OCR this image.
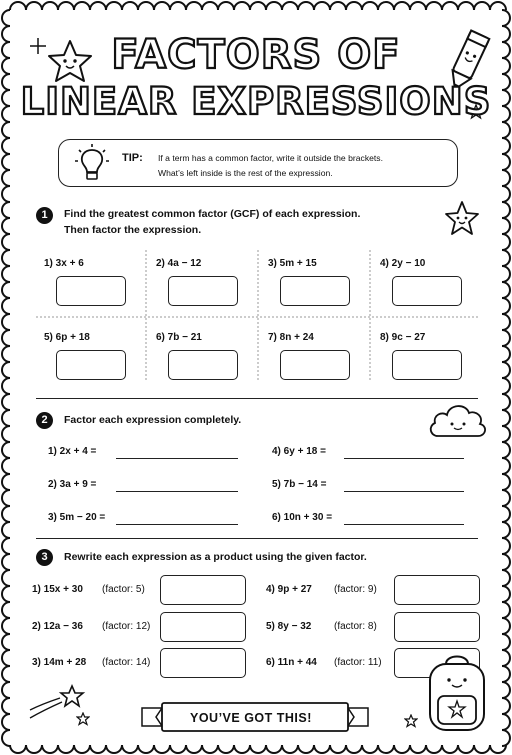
FACTORS OF
LINEAR EXPRESSIONS
TIP: If a term has a common factor, write it outside the brackets.
What’s left inside is the rest of the expression.
1	Find the greatest common factor (GCF) of each expression.
Then factor the expression.
1) 3x + 6	2) 4a − 12	3) 5m + 15	4) 2y − 10
5) 6p + 18	6) 7b − 21	7) 8n + 24	8) 9c − 27
2	Factor each expression completely.
1) 2x + 4 =	4) 6y + 18 =
2) 3a + 9 =	5) 7b − 14 =
3) 5m − 20 =	6) 10n + 30 =
3	Rewrite each expression as a product using the given factor.
1) 15x + 30 (factor: 5)	4) 9p + 27 (factor: 9)
2) 12a − 36 (factor: 12)	5) 8y − 32 (factor: 8)
3) 14m + 28 (factor: 14)	6) 11n + 44 (factor: 11)
YOU’VE GOT THIS!
